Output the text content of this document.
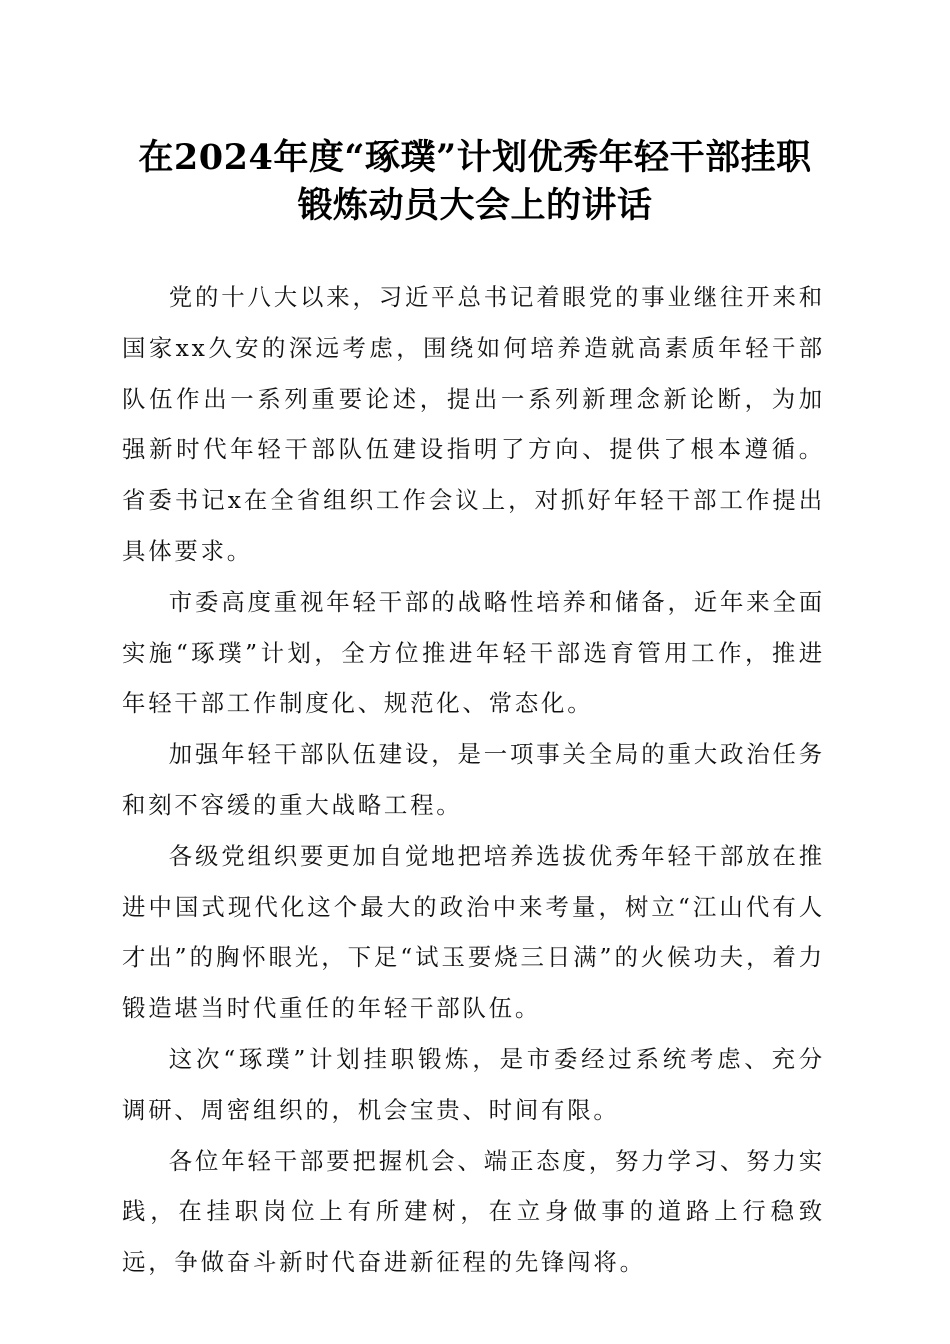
在2024年度“琢璞”计划优秀年轻干部挂职
锻炼动员大会上的讲话

党的十八大以来，习近平总书记着眼党的事业继往开来和国家xx久安的深远考虑，围绕如何培养造就高素质年轻干部队伍作出一系列重要论述，提出一系列新理念新论断，为加强新时代年轻干部队伍建设指明了方向、提供了根本遵循。省委书记x在全省组织工作会议上，对抓好年轻干部工作提出具体要求。

市委高度重视年轻干部的战略性培养和储备，近年来全面实施“琢璞”计划，全方位推进年轻干部选育管用工作，推进年轻干部工作制度化、规范化、常态化。

加强年轻干部队伍建设，是一项事关全局的重大政治任务和刻不容缓的重大战略工程。

各级党组织要更加自觉地把培养选拔优秀年轻干部放在推进中国式现代化这个最大的政治中来考量，树立“江山代有人才出”的胸怀眼光，下足“试玉要烧三日满”的火候功夫，着力锻造堪当时代重任的年轻干部队伍。

这次“琢璞”计划挂职锻炼，是市委经过系统考虑、充分调研、周密组织的，机会宝贵、时间有限。

各位年轻干部要把握机会、端正态度，努力学习、努力实践，在挂职岗位上有所建树，在立身做事的道路上行稳致远，争做奋斗新时代奋进新征程的先锋闯将。
